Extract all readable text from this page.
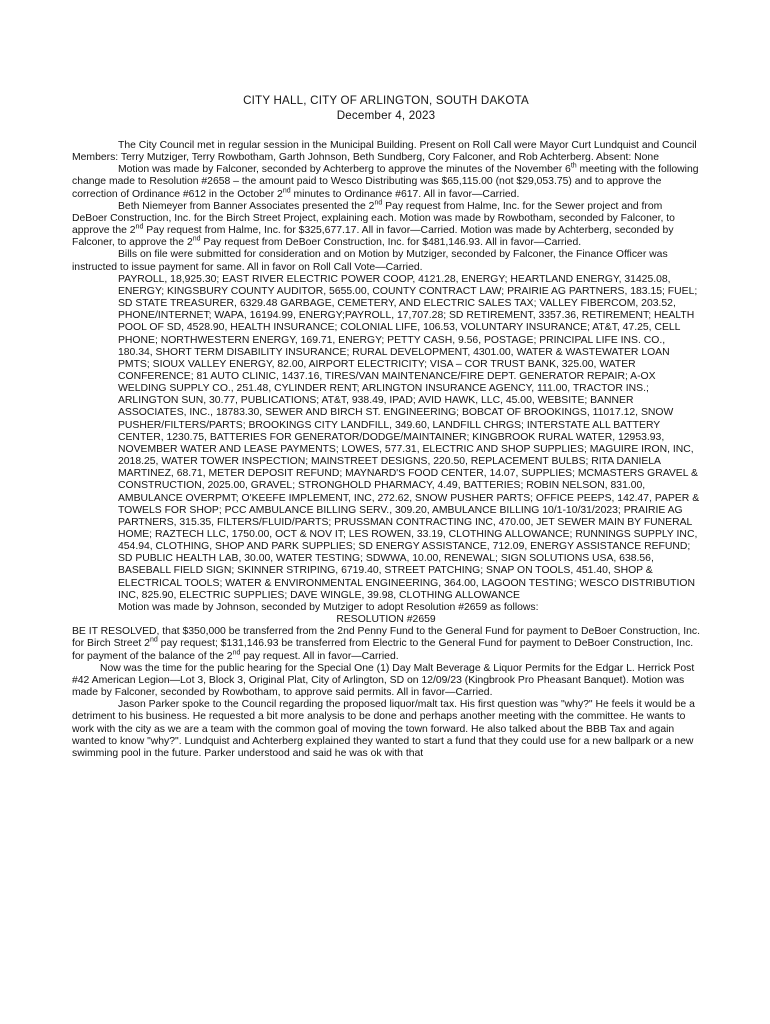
CITY HALL, CITY OF ARLINGTON, SOUTH DAKOTA
December 4, 2023

The City Council met in regular session in the Municipal Building. Present on Roll Call were Mayor Curt Lundquist and Council Members: Terry Mutziger, Terry Rowbotham, Garth Johnson, Beth Sundberg, Cory Falconer, and Rob Achterberg. Absent: None

Motion was made by Falconer, seconded by Achterberg to approve the minutes of the November 6th meeting with the following change made to Resolution #2658 – the amount paid to Wesco Distributing was $65,115.00 (not $29,053.75) and to approve the correction of Ordinance #612 in the October 2nd minutes to Ordinance #617. All in favor—Carried.

Beth Niemeyer from Banner Associates presented the 2nd Pay request from Halme, Inc. for the Sewer project and from DeBoer Construction, Inc. for the Birch Street Project, explaining each. Motion was made by Rowbotham, seconded by Falconer, to approve the 2nd Pay request from Halme, Inc. for $325,677.17. All in favor—Carried. Motion was made by Achterberg, seconded by Falconer, to approve the 2nd Pay request from DeBoer Construction, Inc. for $481,146.93. All in favor—Carried.

Bills on file were submitted for consideration and on Motion by Mutziger, seconded by Falconer, the Finance Officer was instructed to issue payment for same. All in favor on Roll Call Vote—Carried.

PAYROLL, 18,925.30; EAST RIVER ELECTRIC POWER COOP, 4121.28, ENERGY; HEARTLAND ENERGY, 31425.08, ENERGY; KINGSBURY COUNTY AUDITOR, 5655.00, COUNTY CONTRACT LAW; PRAIRIE AG PARTNERS, 183.15; FUEL; SD STATE TREASURER, 6329.48 GARBAGE, CEMETERY, AND ELECTRIC SALES TAX; VALLEY FIBERCOM, 203.52, PHONE/INTERNET; WAPA, 16194.99, ENERGY;PAYROLL, 17,707.28; SD RETIREMENT, 3357.36, RETIREMENT; HEALTH POOL OF SD, 4528.90, HEALTH INSURANCE; COLONIAL LIFE, 106.53, VOLUNTARY INSURANCE; AT&T, 47.25, CELL PHONE; NORTHWESTERN ENERGY, 169.71, ENERGY; PETTY CASH, 9.56, POSTAGE; PRINCIPAL LIFE INS. CO., 180.34, SHORT TERM DISABILITY INSURANCE; RURAL DEVELOPMENT, 4301.00, WATER & WASTEWATER LOAN PMTS; SIOUX VALLEY ENERGY, 82.00, AIRPORT ELECTRICITY; VISA – COR TRUST BANK, 325.00, WATER CONFERENCE; 81 AUTO CLINIC, 1437.16, TIRES/VAN MAINTENANCE/FIRE DEPT. GENERATOR REPAIR; A-OX WELDING SUPPLY CO., 251.48, CYLINDER RENT; ARLINGTON INSURANCE AGENCY, 111.00, TRACTOR INS.; ARLINGTON SUN, 30.77, PUBLICATIONS; AT&T, 938.49, IPAD; AVID HAWK, LLC, 45.00, WEBSITE; BANNER ASSOCIATES, INC., 18783.30, SEWER AND BIRCH ST. ENGINEERING; BOBCAT OF BROOKINGS, 11017.12, SNOW PUSHER/FILTERS/PARTS; BROOKINGS CITY LANDFILL, 349.60, LANDFILL CHRGS; INTERSTATE ALL BATTERY CENTER, 1230.75, BATTERIES FOR GENERATOR/DODGE/MAINTAINER; KINGBROOK RURAL WATER, 12953.93, NOVEMBER WATER AND LEASE PAYMENTS; LOWES, 577.31, ELECTRIC AND SHOP SUPPLIES; MAGUIRE IRON, INC, 2018.25, WATER TOWER INSPECTION; MAINSTREET DESIGNS, 220.50, REPLACEMENT BULBS; RITA DANIELA MARTINEZ, 68.71, METER DEPOSIT REFUND; MAYNARD'S FOOD CENTER, 14.07, SUPPLIES; MCMASTERS GRAVEL & CONSTRUCTION, 2025.00, GRAVEL; STRONGHOLD PHARMACY, 4.49, BATTERIES; ROBIN NELSON, 831.00, AMBULANCE OVERPMT; O'KEEFE IMPLEMENT, INC, 272.62, SNOW PUSHER PARTS; OFFICE PEEPS, 142.47, PAPER & TOWELS FOR SHOP; PCC AMBULANCE BILLING SERV., 309.20, AMBULANCE BILLING 10/1-10/31/2023; PRAIRIE AG PARTNERS, 315.35, FILTERS/FLUID/PARTS; PRUSSMAN CONTRACTING INC, 470.00, JET SEWER MAIN BY FUNERAL HOME; RAZTECH LLC, 1750.00, OCT & NOV IT; LES ROWEN, 33.19, CLOTHING ALLOWANCE; RUNNINGS SUPPLY INC, 454.94, CLOTHING, SHOP AND PARK SUPPLIES; SD ENERGY ASSISTANCE, 712.09, ENERGY ASSISTANCE REFUND; SD PUBLIC HEALTH LAB, 30.00, WATER TESTING; SDWWA, 10.00, RENEWAL; SIGN SOLUTIONS USA, 638.56, BASEBALL FIELD SIGN; SKINNER STRIPING, 6719.40, STREET PATCHING; SNAP ON TOOLS, 451.40, SHOP & ELECTRICAL TOOLS; WATER & ENVIRONMENTAL ENGINEERING, 364.00, LAGOON TESTING; WESCO DISTRIBUTION INC, 825.90, ELECTRIC SUPPLIES; DAVE WINGLE, 39.98, CLOTHING ALLOWANCE

Motion was made by Johnson, seconded by Mutziger to adopt Resolution #2659 as follows:

RESOLUTION #2659

BE IT RESOLVED, that $350,000 be transferred from the 2nd Penny Fund to the General Fund for payment to DeBoer Construction, Inc. for Birch Street 2nd pay request; $131,146.93 be transferred from Electric to the General Fund for payment to DeBoer Construction, Inc. for payment of the balance of the 2nd pay request. All in favor—Carried.

Now was the time for the public hearing for the Special One (1) Day Malt Beverage & Liquor Permits for the Edgar L. Herrick Post #42 American Legion—Lot 3, Block 3, Original Plat, City of Arlington, SD on 12/09/23 (Kingbrook Pro Pheasant Banquet). Motion was made by Falconer, seconded by Rowbotham, to approve said permits. All in favor—Carried.

Jason Parker spoke to the Council regarding the proposed liquor/malt tax. His first question was "why?" He feels it would be a detriment to his business. He requested a bit more analysis to be done and perhaps another meeting with the committee. He wants to work with the city as we are a team with the common goal of moving the town forward. He also talked about the BBB Tax and again wanted to know "why?". Lundquist and Achterberg explained they wanted to start a fund that they could use for a new ballpark or a new swimming pool in the future. Parker understood and said he was ok with that
